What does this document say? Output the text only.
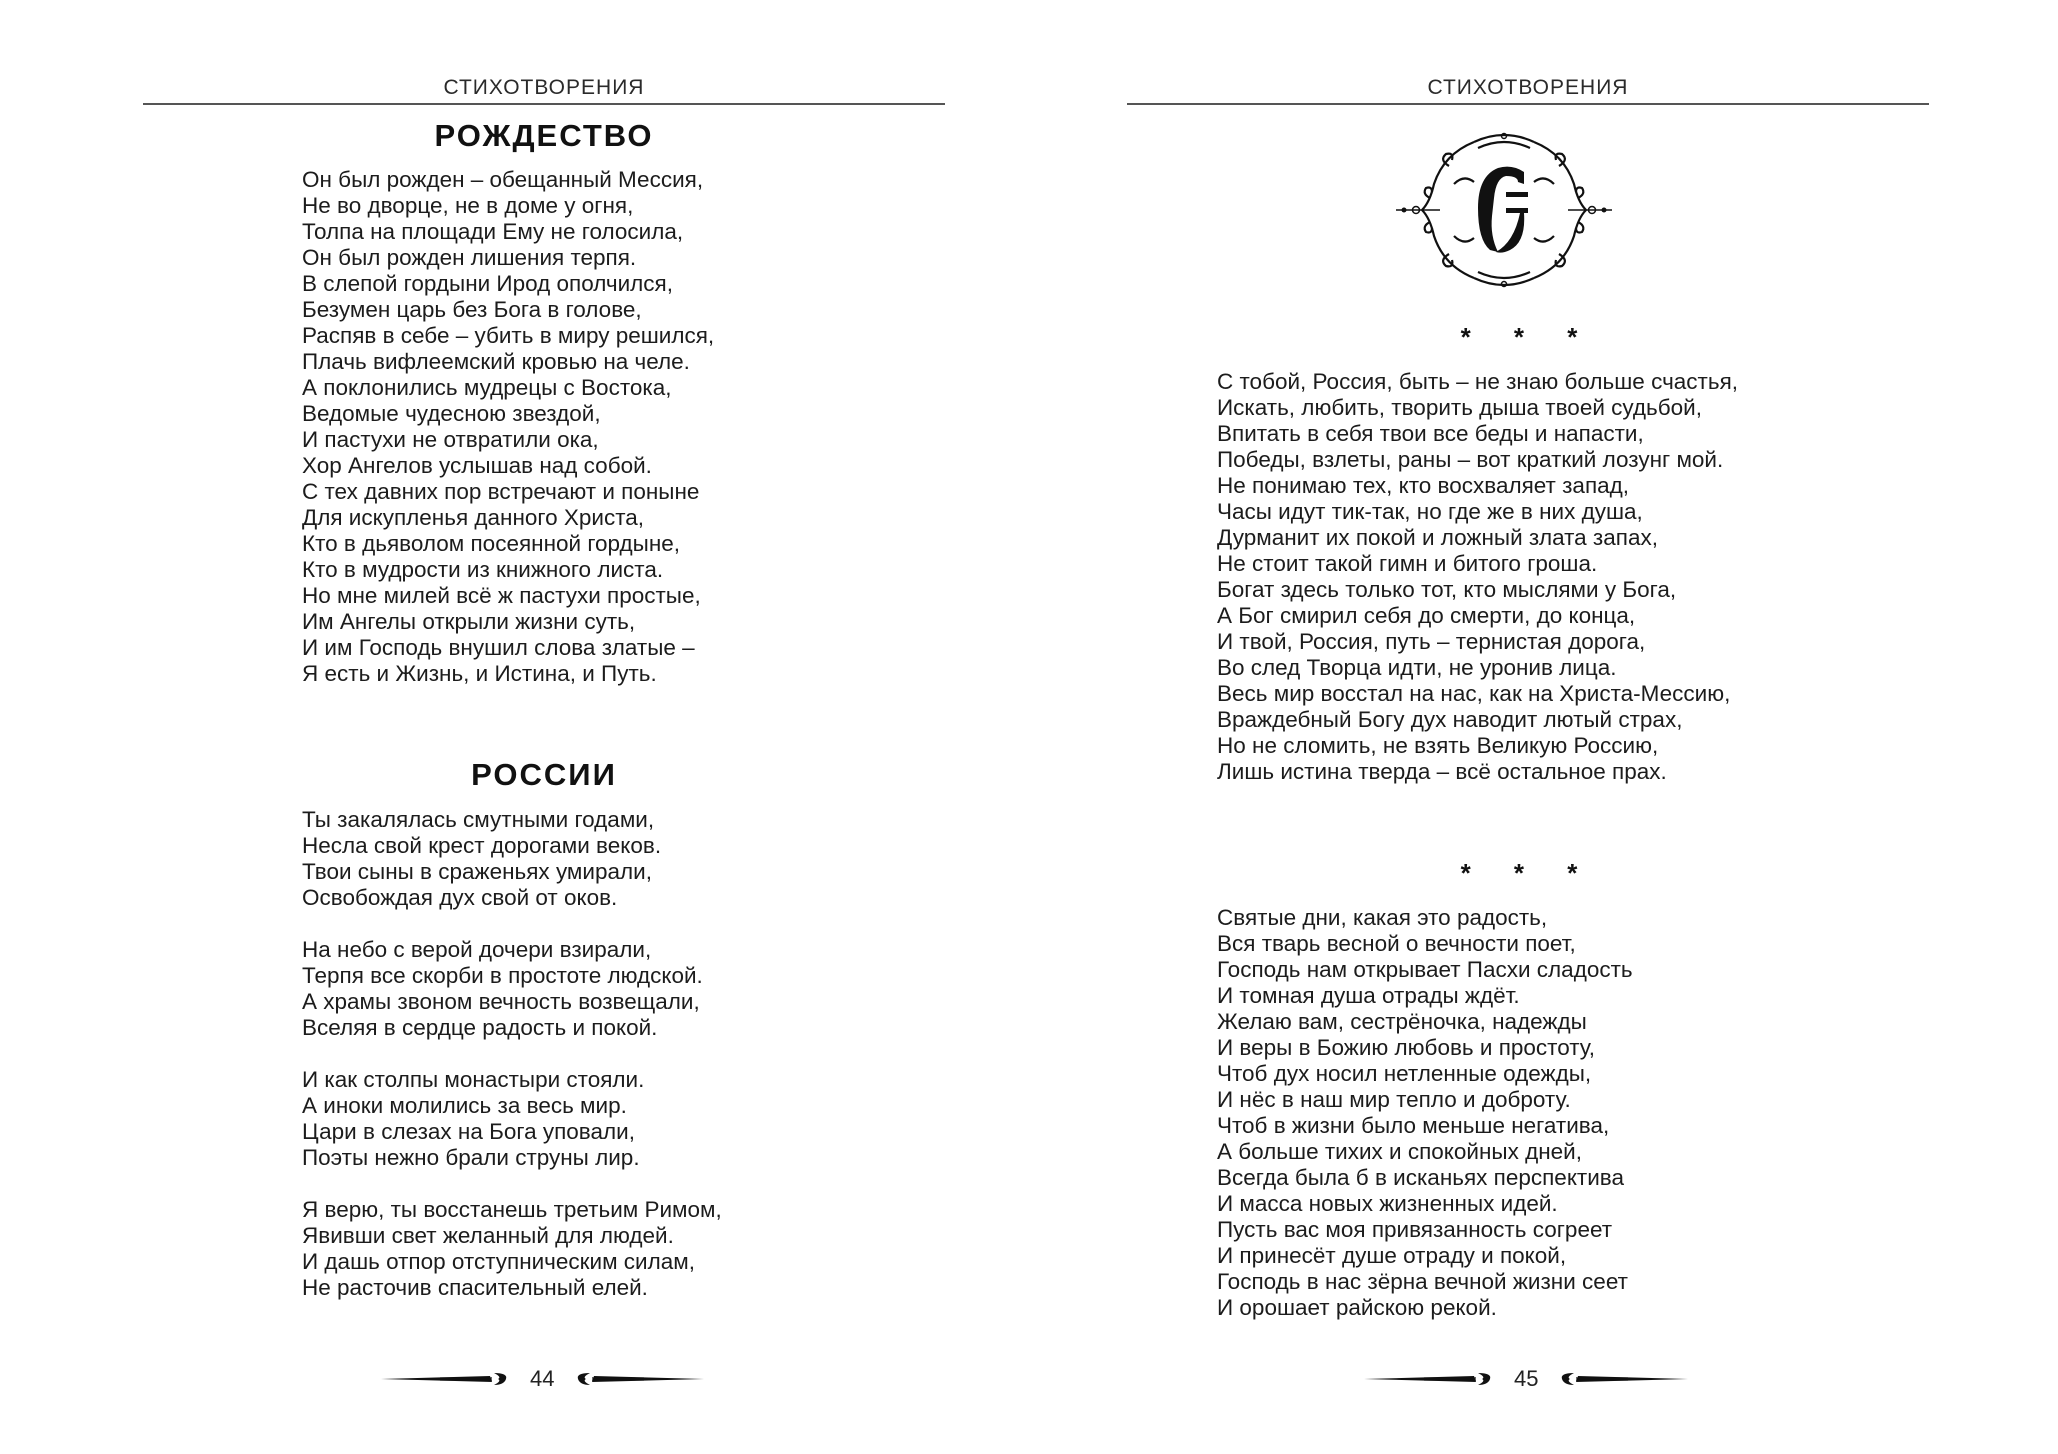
СТИХОТВОРЕНИЯ
РОЖДЕСТВО
Он был рожден – обещанный Мессия,
Не во дворце, не в доме у огня,
Толпа на площади Ему не голосила,
Он был рожден лишения терпя.
В слепой гордыни Ирод ополчился,
Безумен царь без Бога в голове,
Распяв в себе – убить в миру решился,
Плачь вифлеемский кровью на челе.
А поклонились мудрецы с Востока,
Ведомые чудесною звездой,
И пастухи не отвратили ока,
Хор Ангелов услышав над собой.
С тех давних пор встречают и поныне
Для искупленья данного Христа,
Кто в дьяволом посеянной гордыне,
Кто в мудрости из книжного листа.
Но мне милей всё ж пастухи простые,
Им Ангелы открыли жизни суть,
И им Господь внушил слова златые –
Я есть и Жизнь, и Истина, и Путь.
РОССИИ
Ты закалялась смутными годами,
Несла свой крест дорогами веков.
Твои сыны в сраженьях умирали,
Освобождая дух свой от оков.
На небо с верой дочери взирали,
Терпя все скорби в простоте людской.
А храмы звоном вечность возвещали,
Вселяя в сердце радость и покой.
И как столпы монастыри стояли.
А иноки молились за весь мир.
Цари в слезах на Бога уповали,
Поэты нежно брали струны лир.
Я верю, ты восстанешь третьим Римом,
Явивши свет желанный для людей.
И дашь отпор отступническим силам,
Не расточив спасительный елей.
44
СТИХОТВОРЕНИЯ
* * *
С тобой, Россия, быть – не знаю больше счастья,
Искать, любить, творить дыша твоей судьбой,
Впитать в себя твои все беды и напасти,
Победы, взлеты, раны – вот краткий лозунг мой.
Не понимаю тех, кто восхваляет запад,
Часы идут тик-так, но где же в них душа,
Дурманит их покой и ложный злата запах,
Не стоит такой гимн и битого гроша.
Богат здесь только тот, кто мыслями у Бога,
А Бог смирил себя до смерти, до конца,
И твой, Россия, путь – тернистая дорога,
Во след Творца идти, не уронив лица.
Весь мир восстал на нас, как на Христа-Мессию,
Враждебный Богу дух наводит лютый страх,
Но не сломить, не взять Великую Россию,
Лишь истина тверда – всё остальное прах.
* * *
Святые дни, какая это радость,
Вся тварь весной о вечности поет,
Господь нам открывает Пасхи сладость
И томная душа отрады ждёт.
Желаю вам, сестрёночка, надежды
И веры в Божию любовь и простоту,
Чтоб дух носил нетленные одежды,
И нёс в наш мир тепло и доброту.
Чтоб в жизни было меньше негатива,
А больше тихих и спокойных дней,
Всегда была б в исканьях перспектива
И масса новых жизненных идей.
Пусть вас моя привязанность согреет
И принесёт душе отраду и покой,
Господь в нас зёрна вечной жизни сеет
И орошает райскою рекой.
45
